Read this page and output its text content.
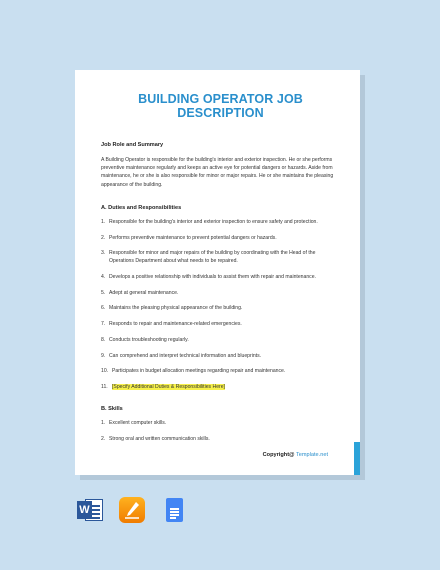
BUILDING OPERATOR JOB DESCRIPTION
Job Role and Summary

A Building Operator is responsible for the building's interior and exterior inspection. He or she performs preventive maintenance regularly and keeps an active eye for potential dangers or hazards. Aside from maintenance, he or she is also responsible for minor or major repairs. He or she maintains the pleasing appearance of the building.

A. Duties and Responsibilities
1. Responsible for the building's interior and exterior inspection to ensure safety and protection.
2. Performs preventive maintenance to prevent potential dangers or hazards.
3. Responsible for minor and major repairs of the building by coordinating with the Head of the Operations Department about what needs to be repaired.
4. Develops a positive relationship with individuals to assist them with repair and maintenance.
5. Adept at general maintenance.
6. Maintains the pleasing physical appearance of the building.
7. Responds to repair and maintenance-related emergencies.
8. Conducts troubleshooting regularly.
9. Can comprehend and interpret technical information and blueprints.
10. Participates in budget allocation meetings regarding repair and maintenance.
11. [Specify Additional Duties & Responsibilities Here]
B. Skills
1. Excellent computer skills.
2. Strong oral and written communication skills.
Copyright@ Template.net
W
